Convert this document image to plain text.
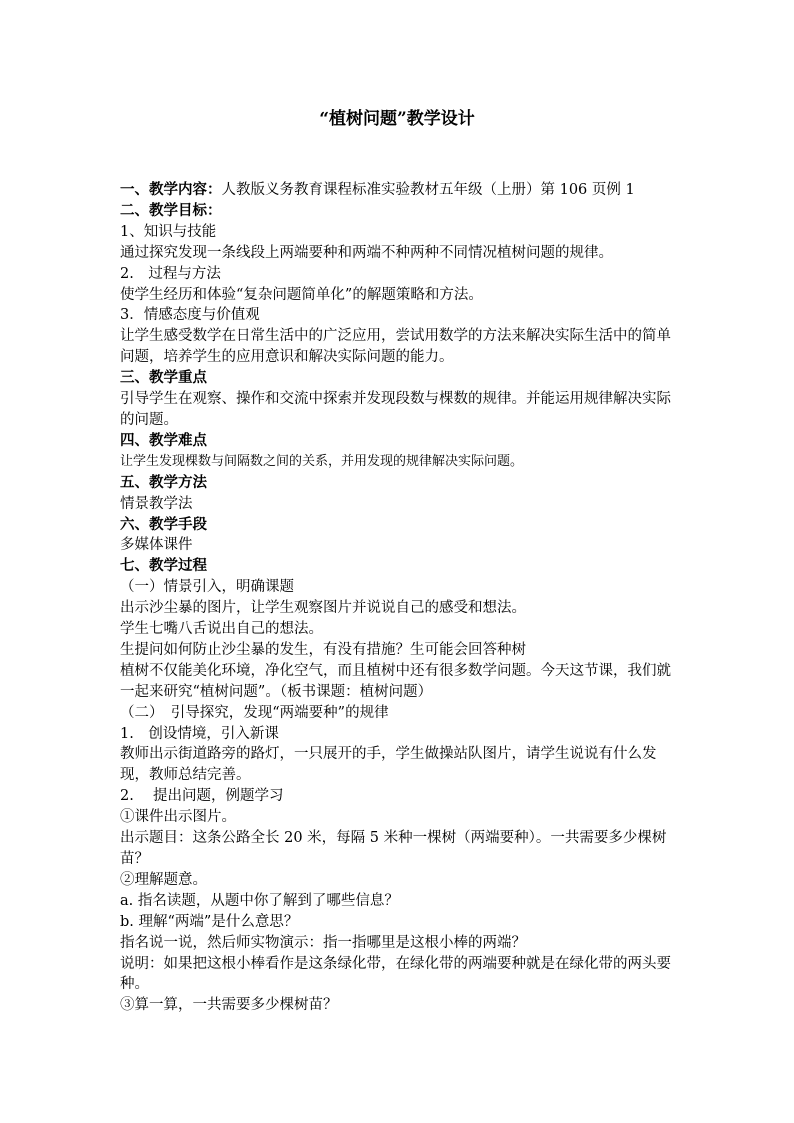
“植树问题”教学设计
一、教学内容：人教版义务教育课程标准实验教材五年级（上册）第 106 页例 1
二、教学目标：
1、知识与技能
通过探究发现一条线段上两端要种和两端不种两种不同情况植树问题的规律。
2.　过程与方法
使学生经历和体验“复杂问题简单化”的解题策略和方法。
3．情感态度与价值观
让学生感受数学在日常生活中的广泛应用，尝试用数学的方法来解决实际生活中的简单问题，培养学生的应用意识和解决实际问题的能力。
三、教学重点
引导学生在观察、操作和交流中探索并发现段数与棵数的规律。并能运用规律解决实际的问题。
四、教学难点
让学生发现棵数与间隔数之间的关系，并用发现的规律解决实际问题。
五、教学方法
情景教学法
六、教学手段
多媒体课件
七、教学过程
（一）情景引入，明确课题
出示沙尘暴的图片，让学生观察图片并说说自己的感受和想法。
学生七嘴八舌说出自己的想法。
生提问如何防止沙尘暴的发生，有没有措施？生可能会回答种树
植树不仅能美化环境，净化空气，而且植树中还有很多数学问题。今天这节课，我们就一起来研究“植树问题”。（板书课题：植树问题）
（二）　引导探究，发现“两端要种”的规律
1.　创设情境，引入新课
教师出示街道路旁的路灯，一只展开的手，学生做操站队图片，请学生说说有什么发现，教师总结完善。
2.　 提出问题，例题学习
①课件出示图片。
出示题目：这条公路全长 20 米，每隔 5 米种一棵树（两端要种）。一共需要多少棵树苗？
②理解题意。
a. 指名读题，从题中你了解到了哪些信息？
b. 理解“两端”是什么意思？
指名说一说，然后师实物演示：指一指哪里是这根小棒的两端？
说明：如果把这根小棒看作是这条绿化带，在绿化带的两端要种就是在绿化带的两头要种。
③算一算，一共需要多少棵树苗？
